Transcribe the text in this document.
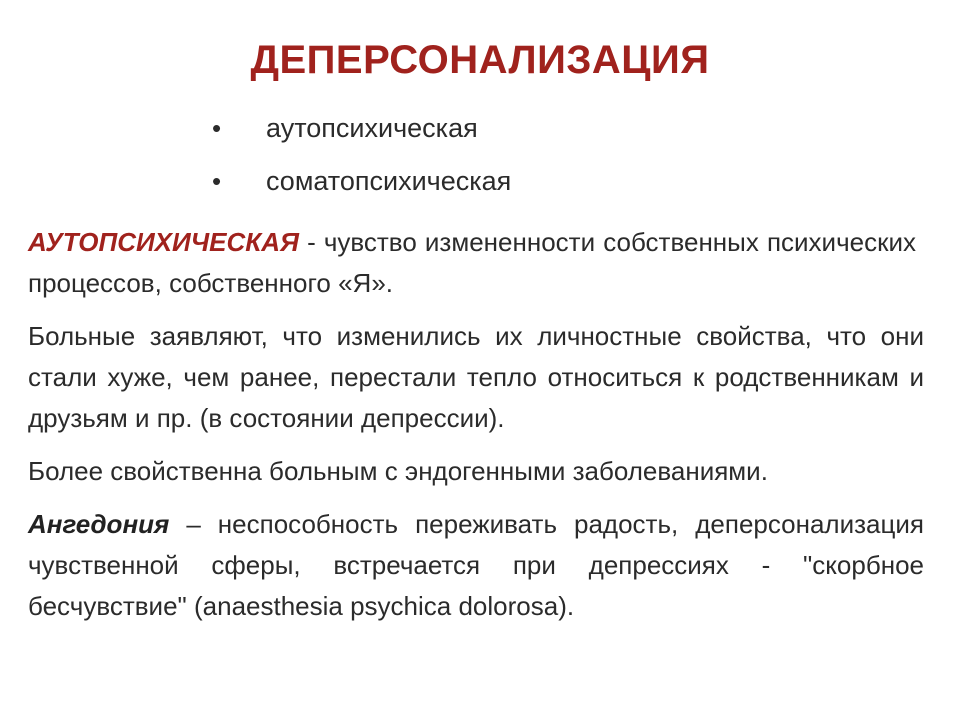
ДЕПЕРСОНАЛИЗАЦИЯ
• аутопсихическая
• соматопсихическая

АУТОПСИХИЧЕСКАЯ - чувство измененности собственных психических процессов, собственного «Я».

Больные заявляют, что изменились их личностные свойства, что они стали хуже, чем ранее, перестали тепло относиться к родственникам и друзьям и пр. (в состоянии депрессии).

Более свойственна больным с эндогенными заболеваниями.

Ангедония – неспособность переживать радость, деперсонализация чувственной сферы, встречается при депрессиях - "скорбное бесчувствие" (anaesthesia psychica dolorosa).
